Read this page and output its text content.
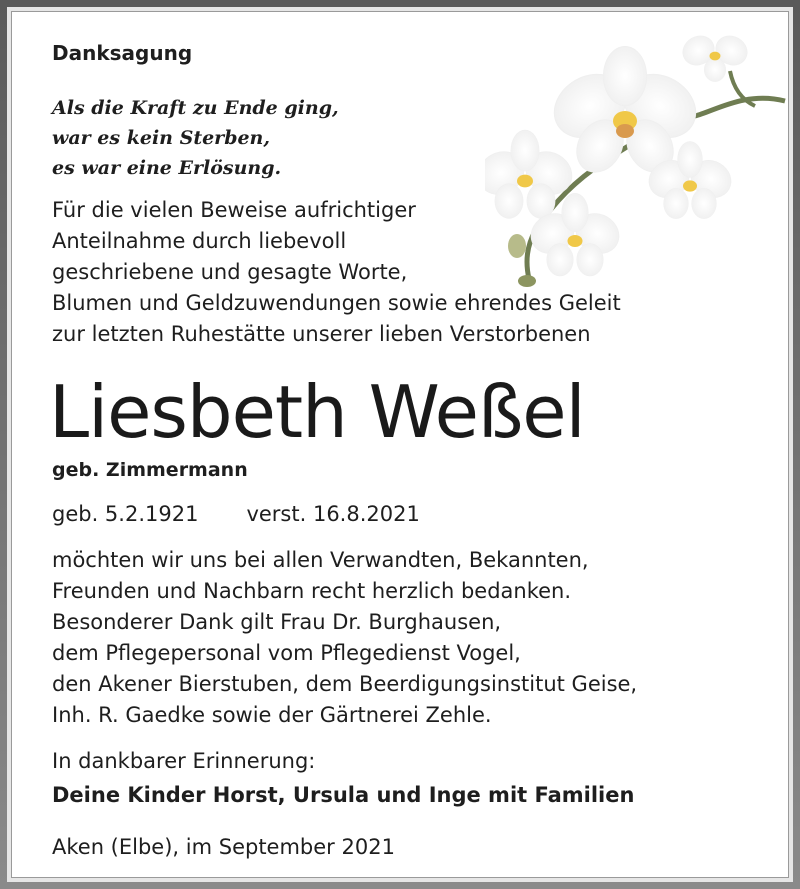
Danksagung
Als die Kraft zu Ende ging,
war es kein Sterben,
es war eine Erlösung.
Für die vielen Beweise aufrichtiger
Anteilnahme durch liebevoll
geschriebene und gesagte Worte,
Blumen und Geldzuwendungen sowie ehrendes Geleit
zur letzten Ruhestätte unserer lieben Verstorbenen
Liesbeth Weßel
geb. Zimmermann
geb. 5.2.1921 verst. 16.8.2021
möchten wir uns bei allen Verwandten, Bekannten,
Freunden und Nachbarn recht herzlich bedanken.
Besonderer Dank gilt Frau Dr. Burghausen,
dem Pflegepersonal vom Pflegedienst Vogel,
den Akener Bierstuben, dem Beerdigungsinstitut Geise,
Inh. R. Gaedke sowie der Gärtnerei Zehle.
In dankbarer Erinnerung:
Deine Kinder Horst, Ursula und Inge mit Familien
Aken (Elbe), im September 2021
